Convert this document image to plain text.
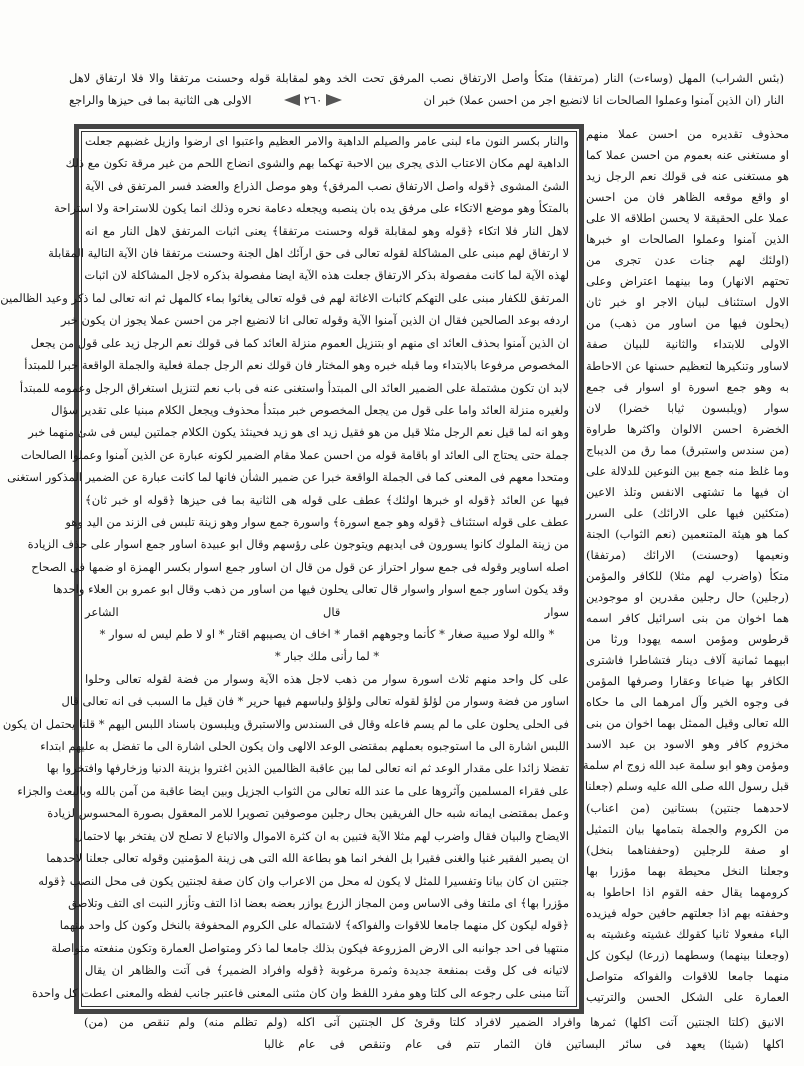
(بئس الشراب) المهل (وساءت) النار (مرتفقا) متكأ واصل الارتفاق نصب المرفق تحت الخد وهو لمقابلة قوله وحسنت مرتفقا والا فلا ارتفاق لاهل
النار (ان الذين آمنوا وعملوا الصالحات انا لانضيع اجر من احسن عملا) خبر ان
٢٦٠
الاولى هى الثانية بما فى حيزها والراجع
والنار بكسر النون ماء لبنى عامر والصيلم الداهية والامر العظيم واعتبوا اى ارضوا وازيل غضبهم جعلت
الداهية لهم مكان الاعتاب الذى يجرى بين الاحبة تهكما بهم والشوى انضاج اللحم من غير مرقة تكون مع ذلك
الشئ المشوى ﴿قوله واصل الارتفاق نصب المرفق﴾ وهو موصل الذراع والعضد فسر المرتفق فى الآية
بالمتكأ وهو موضع الاتكاء على مرفق يده بان ينصبه ويجعله دعامة نحره وذلك انما يكون للاستراحة ولا استراحة
لاهل النار فلا اتكاء ﴿قوله وهو لمقابلة قوله وحسنت مرتفقا﴾ يعنى اثبات المرتفق لاهل النار مع انه
لا ارتفاق لهم مبنى على المشاكلة لقوله تعالى فى حق ارآئك اهل الجنة وحسنت مرتفقا فان الآية التالية المقابلة
لهذه الآية لما كانت مفصولة بذكر الارتفاق جعلت هذه الآية ايضا مفصولة بذكره لاجل المشاكلة لان اثبات
المرتفق للكفار مبنى على التهكم كاثبات الاغاثة لهم فى قوله تعالى يغاثوا بماء كالمهل ثم انه تعالى لما ذكر وعيد الظالمين
اردفه بوعد الصالحين فقال ان الذين آمنوا الآية وقوله تعالى انا لانضيع اجر من احسن عملا يجوز ان يكون خبر
ان الذين آمنوا بحذف العائد اى منهم او بتنزيل العموم منزلة العائد كما فى قولك نعم الرجل زيد على قول من يجعل
المخصوص مرفوعا بالابتداء وما قبله خبره وهو المختار فان قولك نعم الرجل جملة فعلية والجملة الواقعة خبرا للمبتدأ
لابد ان تكون مشتملة على الضمير العائد الى المبتدأ واستغنى عنه فى باب نعم لتنزيل استغراق الرجل وعمومه للمبتدأ
ولغيره منزلة العائد واما على قول من يجعل المخصوص خبر مبتدأ محذوف ويجعل الكلام مبنيا على تقدير سؤال
وهو انه لما قيل نعم الرجل مثلا قيل من هو فقيل زيد اى هو زيد فحينئذ يكون الكلام جملتين ليس فى شئ منهما خبر
جملة حتى يحتاج الى العائد او باقامة قوله من احسن عملا مقام الضمير لكونه عبارة عن الذين آمنوا وعملوا الصالحات
ومتحدا معهم فى المعنى كما فى الجملة الواقعة خبرا عن ضمير الشأن فانها لما كانت عبارة عن الضمير المذكور استغنى
فيها عن العائد ﴿قوله او خبرها اولئك﴾ عطف على قوله هى الثانية بما فى حيزها ﴿قوله او خبر ثان﴾
عطف على قوله استئناف ﴿قوله وهو جمع اسورة﴾ واسورة جمع سوار وهو زينة تلبس فى الزند من اليد وهو
من زينة الملوك كانوا يسورون فى ايديهم ويتوجون على رؤسهم وقال ابو عبيدة اساور جمع اسوار على حذف الزيادة
اصله اساوير وقوله فى جمع سوار احتراز عن قول من قال ان اساور جمع اسوار بكسر الهمزة او ضمها فى الصحاح
وقد يكون اساور جمع اسوار واسوار قال تعالى يحلون فيها من اساور من ذهب وقال ابو عمرو بن العلاء واحدها
سوار قال الشاعر
* والله لولا صبية صغار * كأنما وجوههم اقمار * اخاف ان يصيبهم اقتار * او لا طم ليس له سوار *
* لما رأنى ملك جبار *
على كل واحد منهم ثلاث اسورة سوار من ذهب لاجل هذه الآية وسوار من فضة لقوله تعالى وحلوا
اساور من فضة وسوار من لؤلؤ لقوله تعالى ولؤلؤ ولباسهم فيها حرير * فان قيل ما السبب فى انه تعالى قال
فى الحلى يحلون على ما لم يسم فاعله وقال فى السندس والاستبرق ويلبسون باسناد اللبس اليهم * قلنا يحتمل ان يكون
اللبس اشارة الى ما استوجبوه بعملهم بمقتضى الوعد الالهى وان يكون الحلى اشارة الى ما تفضل به عليهم ابتداء
تفضلا زائدا على مقدار الوعد ثم انه تعالى لما بين عاقبة الظالمين الذين اغتروا بزينة الدنيا وزخارفها وافتخروا بها
على فقراء المسلمين وآثروها على ما عند الله تعالى من الثواب الجزيل وبين ايضا عاقبة من آمن بالله وبالبعث والجزاء
وعمل بمقتضى ايمانه شبه حال الفريقين بحال رجلين موصوفين تصويرا للامر المعقول بصورة المحسوس لزيادة
الايضاح والبيان فقال واضرب لهم مثلا الآية فتبين به ان كثرة الاموال والاتباع لا تصلح لان يفتخر بها لاحتمال
ان يصير الفقير غنيا والغنى فقيرا بل الفخر انما هو بطاعة الله التى هى زينة المؤمنين وقوله تعالى جعلنا لاحدهما
جنتين ان كان بيانا وتفسيرا للمثل لا يكون له محل من الاعراب وان كان صفة لجنتين يكون فى محل النصب ﴿قوله
مؤزرا بها﴾ اى ملتفا وفى الاساس ومن المجاز الزرع يوازر بعضه بعضا اذا التف وتأزر النبت اى التف وتلاصق
﴿قوله ليكون كل منهما جامعا للاقوات والفواكه﴾ لاشتماله على الكروم المحفوفة بالنخل وكون كل واحد منهما
منتهيا فى احد جوانبه الى الارض المزروعة فيكون بذلك جامعا لما ذكر ومتواصل العمارة وتكون منفعته متواصلة
لاتيانه فى كل وقت بمنفعة جديدة وثمرة مرغوبة ﴿قوله وافراد الضمير﴾ فى آتت والظاهر ان يقال
آتتا مبنى على رجوعه الى كلتا وهو مفرد اللفظ وان كان مثنى المعنى فاعتبر جانب لفظه والمعنى اعطت كل واحدة
محذوف تقديره من احسن عملا منهم
او مستغنى عنه بعموم من احسن عملا كما
هو مستغنى عنه فى قولك نعم الرجل زيد
او واقع موقعه الظاهر فان من احسن
عملا على الحقيقة لا يحسن اطلاقه الا على
الذين آمنوا وعملوا الصالحات او خبرها
(اولئك لهم جنات عدن تجرى من
تحتهم الانهار) وما بينهما اعتراض وعلى
الاول استئناف لبيان الاجر او خبر ثان
(يحلون فيها من اساور من ذهب) من
الاولى للابتداء والثانية للبيان صفة
لاساور وتنكيرها لتعظيم حسنها عن الاحاطة
به وهو جمع اسورة او اسوار فى جمع
سوار (ويلبسون ثيابا خضرا) لان
الخضرة احسن الالوان واكثرها طراوة
(من سندس واستبرق) مما رق من الديباج
وما غلظ منه جمع بين النوعين للدلالة على
ان فيها ما تشتهى الانفس وتلذ الاعين
(متكئين فيها على الارائك) على السرر
كما هو هيئة المتنعمين (نعم الثواب) الجنة
ونعيمها (وحسنت) الارائك (مرتفقا)
متكأ (واضرب لهم مثلا) للكافر والمؤمن
(رجلين) حال رجلين مقدرين او موجودين
هما اخوان من بنى اسرائيل كافر اسمه
قرطوس ومؤمن اسمه يهودا ورثا من
ابيهما ثمانية آلاف دينار فتشاطرا فاشترى
الكافر بها ضياعا وعقارا وصرفها المؤمن
فى وجوه الخير وآل امرهما الى ما حكاه
الله تعالى وقيل الممثل بهما اخوان من بنى
مخزوم كافر وهو الاسود بن عبد الاسد
ومؤمن وهو ابو سلمة عبد الله زوج ام سلمة
قبل رسول الله صلى الله عليه وسلم (جعلنا
لاحدهما جنتين) بستانين (من اعناب)
من الكروم والجملة بتمامها بيان التمثيل
او صفة للرجلين (وحففناهما بنخل)
وجعلنا النخل محيطة بهما مؤزرا بها
كرومهما يقال حفه القوم اذا احاطوا به
وحففته بهم اذا جعلتهم حافين حوله فيزيده
الباء مفعولا ثانيا كقولك غشيته وغشيته به
(وجعلنا بينهما) وسطهما (زرعا) ليكون كل
منهما جامعا للاقوات والفواكه متواصل
العمارة على الشكل الحسن والترتيب
الانيق (كلتا الجنتين آتت اكلها) ثمرها وافراد الضمير لافراد كلتا وقرئ كل الجنتين آتى اكله (ولم تظلم منه) ولم تنقص من
اكلها (شيئا) يعهد فى سائر البساتين فان الثمار تتم فى عام وتنقص فى عام غالبا
(من)
